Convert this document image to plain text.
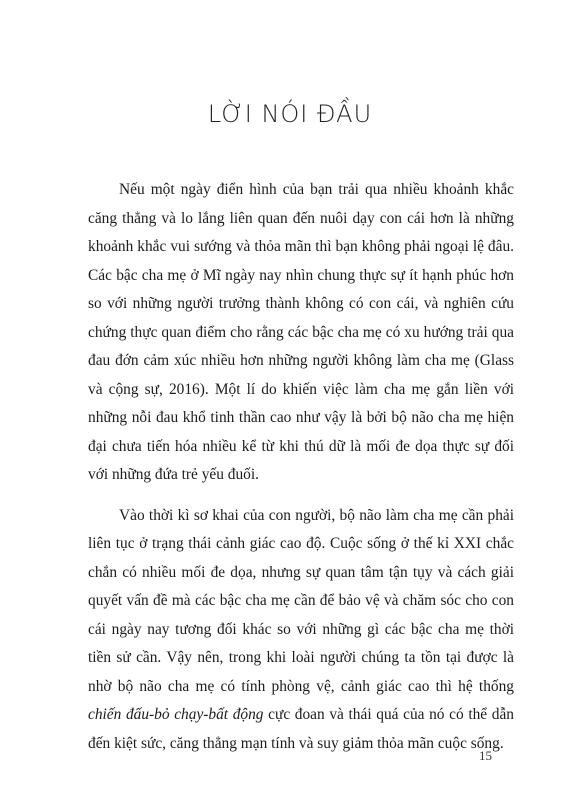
LỜI NÓI ĐẦU

Nếu một ngày điển hình của bạn trải qua nhiều khoảnh khắc căng thẳng và lo lắng liên quan đến nuôi dạy con cái hơn là những khoảnh khắc vui sướng và thỏa mãn thì bạn không phải ngoại lệ đâu. Các bậc cha mẹ ở Mĩ ngày nay nhìn chung thực sự ít hạnh phúc hơn so với những người trưởng thành không có con cái, và nghiên cứu chứng thực quan điểm cho rằng các bậc cha mẹ có xu hướng trải qua đau đớn cảm xúc nhiều hơn những người không làm cha mẹ (Glass và cộng sự, 2016). Một lí do khiến việc làm cha mẹ gắn liền với những nỗi đau khổ tinh thần cao như vậy là bởi bộ não cha mẹ hiện đại chưa tiến hóa nhiều kể từ khi thú dữ là mối đe dọa thực sự đối với những đứa trẻ yếu đuối.

Vào thời kì sơ khai của con người, bộ não làm cha mẹ cần phải liên tục ở trạng thái cảnh giác cao độ. Cuộc sống ở thế kỉ XXI chắc chắn có nhiều mối đe dọa, nhưng sự quan tâm tận tụy và cách giải quyết vấn đề mà các bậc cha mẹ cần để bảo vệ và chăm sóc cho con cái ngày nay tương đối khác so với những gì các bậc cha mẹ thời tiền sử cần. Vậy nên, trong khi loài người chúng ta tồn tại được là nhờ bộ não cha mẹ có tính phòng vệ, cảnh giác cao thì hệ thống chiến đấu-bỏ chạy-bất động cực đoan và thái quá của nó có thể dẫn đến kiệt sức, căng thẳng mạn tính và suy giảm thỏa mãn cuộc sống.

15
